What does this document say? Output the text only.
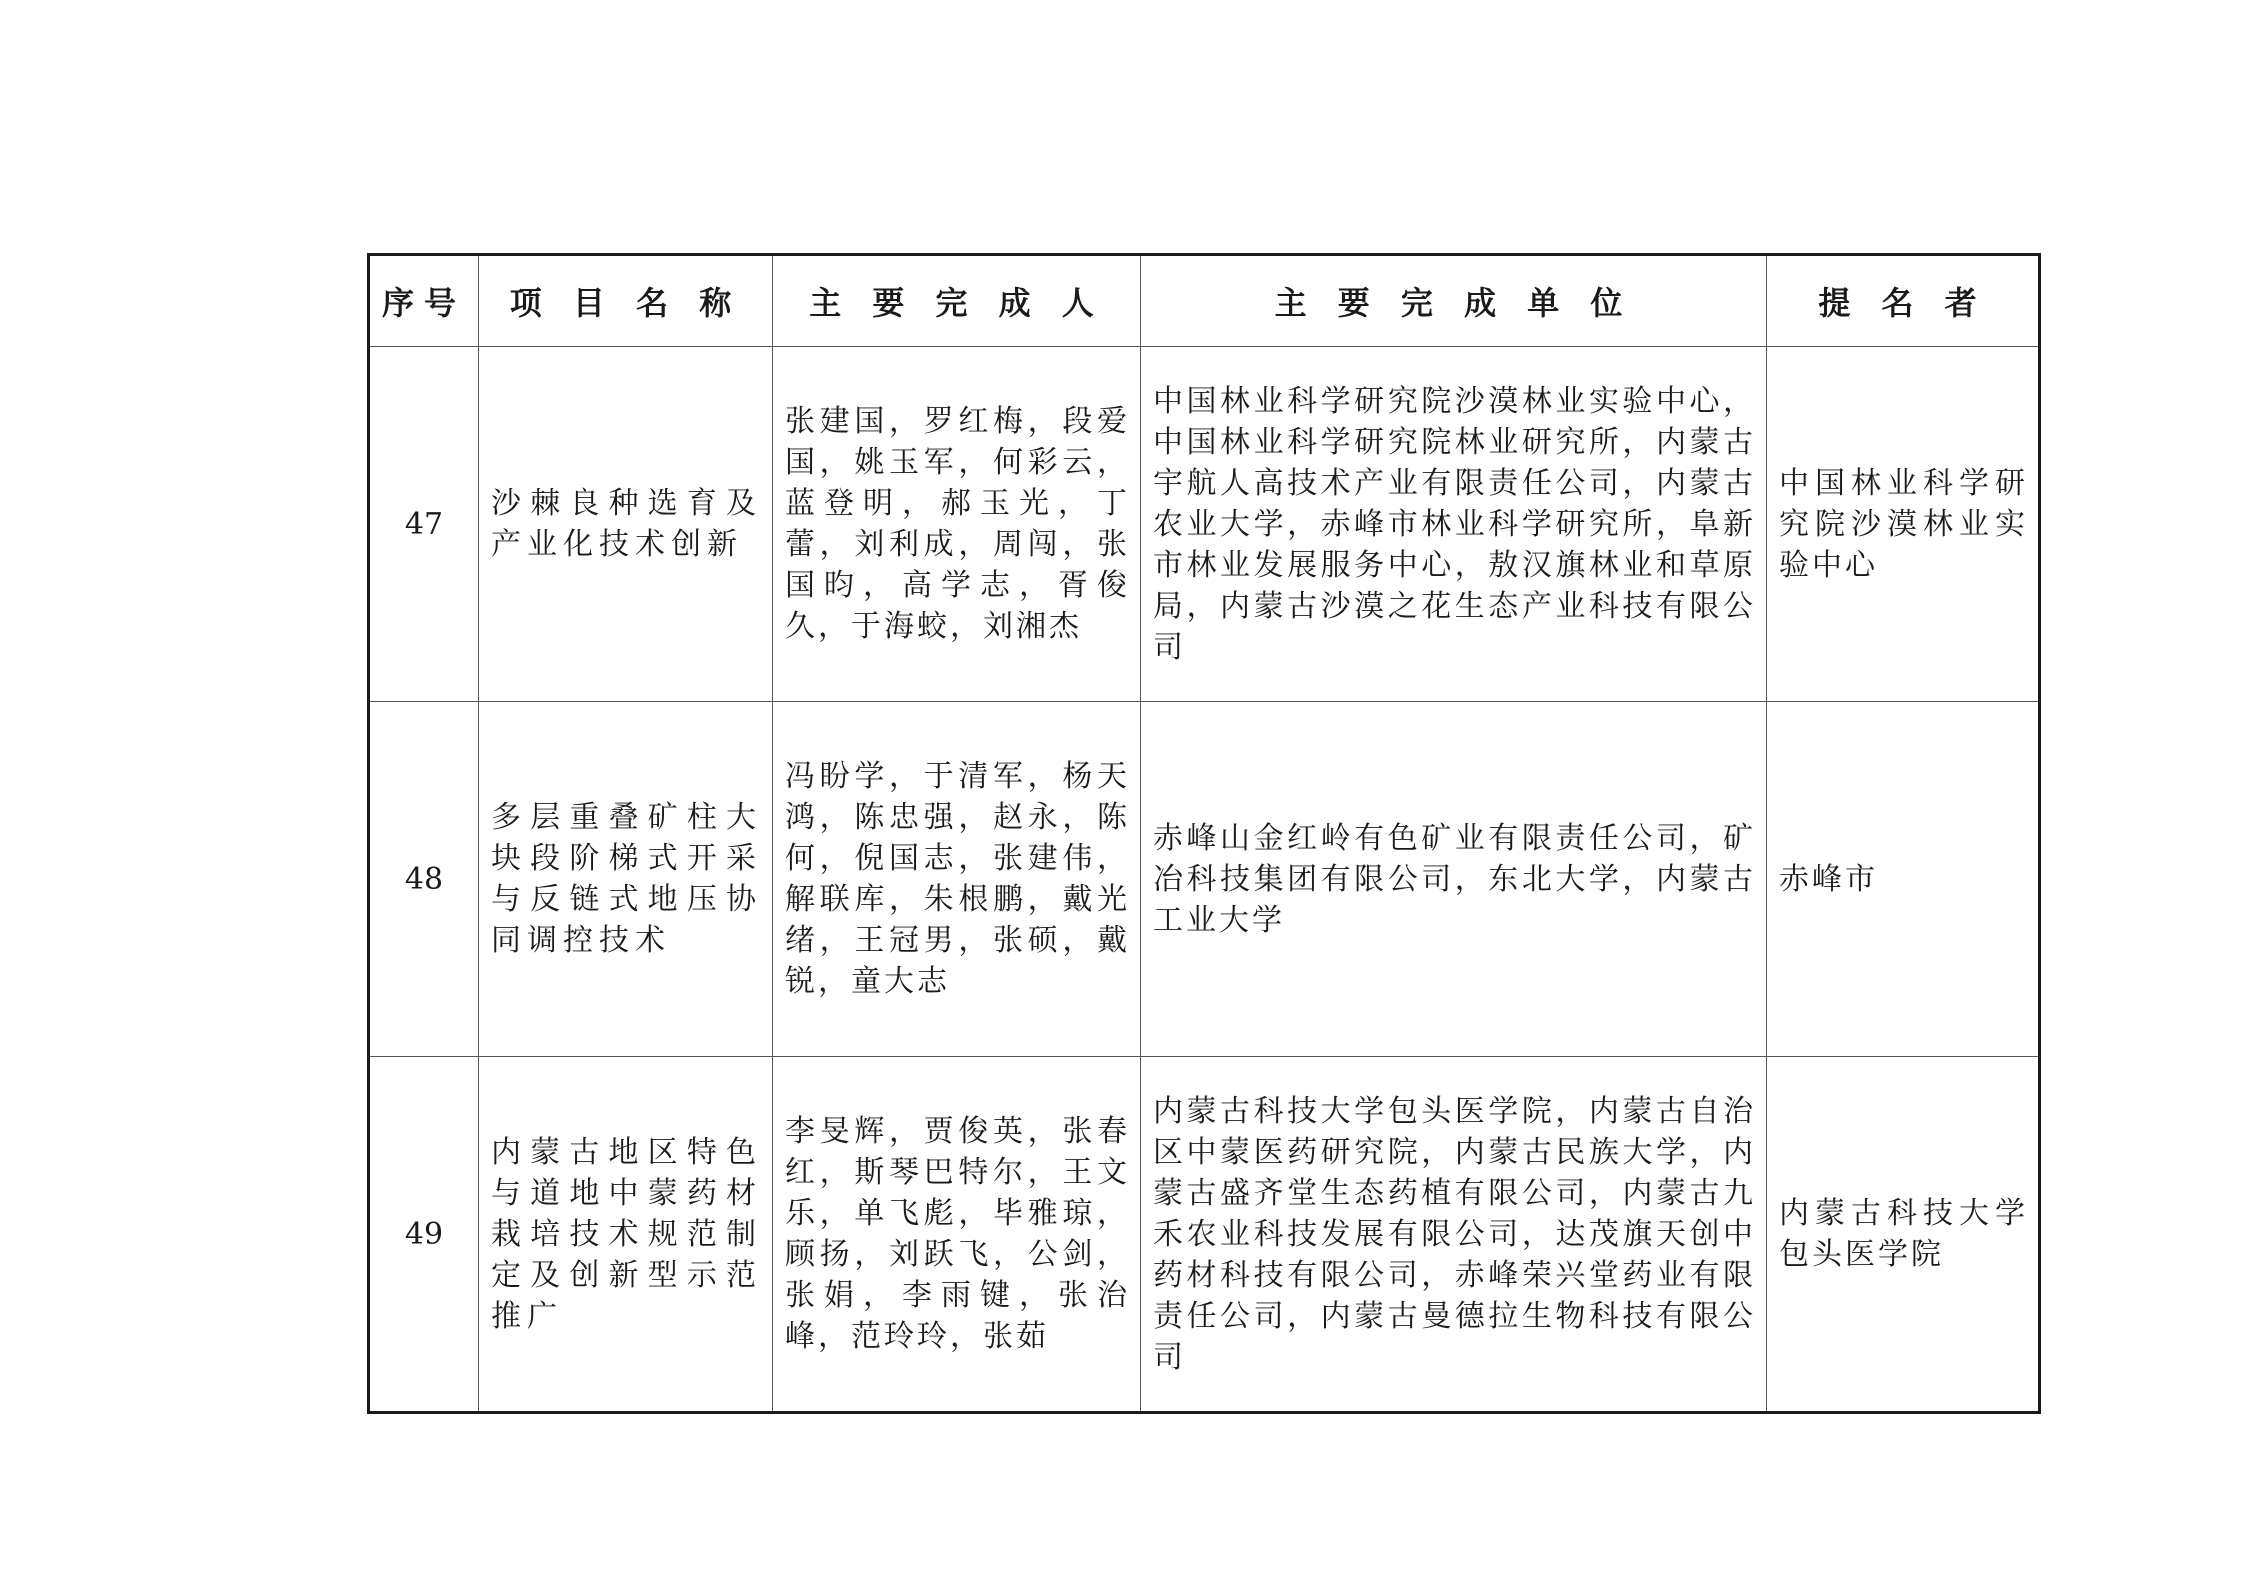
序号	项 目 名 称	主 要 完 成 人	主 要 完 成 单 位	提 名 者
47	沙棘良种选育及产业化技术创新	张建国，罗红梅，段爱国，姚玉军，何彩云，蓝登明，郝玉光，丁蕾，刘利成，周闯，张国昀，高学志，胥俊久，于海蛟，刘湘杰	中国林业科学研究院沙漠林业实验中心，中国林业科学研究院林业研究所，内蒙古宇航人高技术产业有限责任公司，内蒙古农业大学，赤峰市林业科学研究所，阜新市林业发展服务中心，敖汉旗林业和草原局，内蒙古沙漠之花生态产业科技有限公司	中国林业科学研究院沙漠林业实验中心

48	多层重叠矿柱大块段阶梯式开采与反链式地压协同调控技术	冯盼学，于清军，杨天鸿，陈忠强，赵永，陈何，倪国志，张建伟，解联库，朱根鹏，戴光绪，王冠男，张硕，戴锐，童大志	赤峰山金红岭有色矿业有限责任公司，矿冶科技集团有限公司，东北大学，内蒙古工业大学	赤峰市

49	内蒙古地区特色与道地中蒙药材栽培技术规范制定及创新型示范推广	李旻辉，贾俊英，张春红，斯琴巴特尔，王文乐，单飞彪，毕雅琼，顾扬，刘跃飞，公剑，张娟，李雨键，张治峰，范玲玲，张茹	内蒙古科技大学包头医学院，内蒙古自治区中蒙医药研究院，内蒙古民族大学，内蒙古盛齐堂生态药植有限公司，内蒙古九禾农业科技发展有限公司，达茂旗天创中药材科技有限公司，赤峰荣兴堂药业有限责任公司，内蒙古曼德拉生物科技有限公司	内蒙古科技大学包头医学院
